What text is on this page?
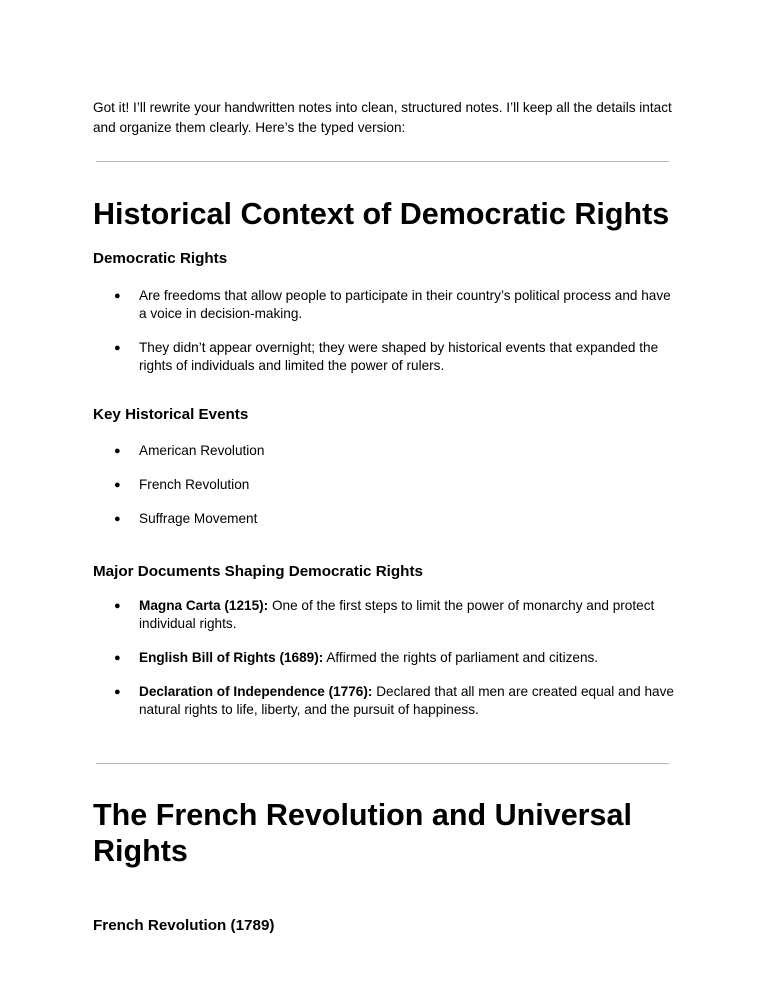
Got it! I’ll rewrite your handwritten notes into clean, structured notes. I’ll keep all the details intact and organize them clearly. Here’s the typed version:

Historical Context of Democratic Rights
Democratic Rights
● Are freedoms that allow people to participate in their country’s political process and have a voice in decision-making.
● They didn’t appear overnight; they were shaped by historical events that expanded the rights of individuals and limited the power of rulers.
Key Historical Events
● American Revolution
● French Revolution
● Suffrage Movement
Major Documents Shaping Democratic Rights
● Magna Carta (1215): One of the first steps to limit the power of monarchy and protect individual rights.
● English Bill of Rights (1689): Affirmed the rights of parliament and citizens.
● Declaration of Independence (1776): Declared that all men are created equal and have natural rights to life, liberty, and the pursuit of happiness.
The French Revolution and Universal Rights
French Revolution (1789)
